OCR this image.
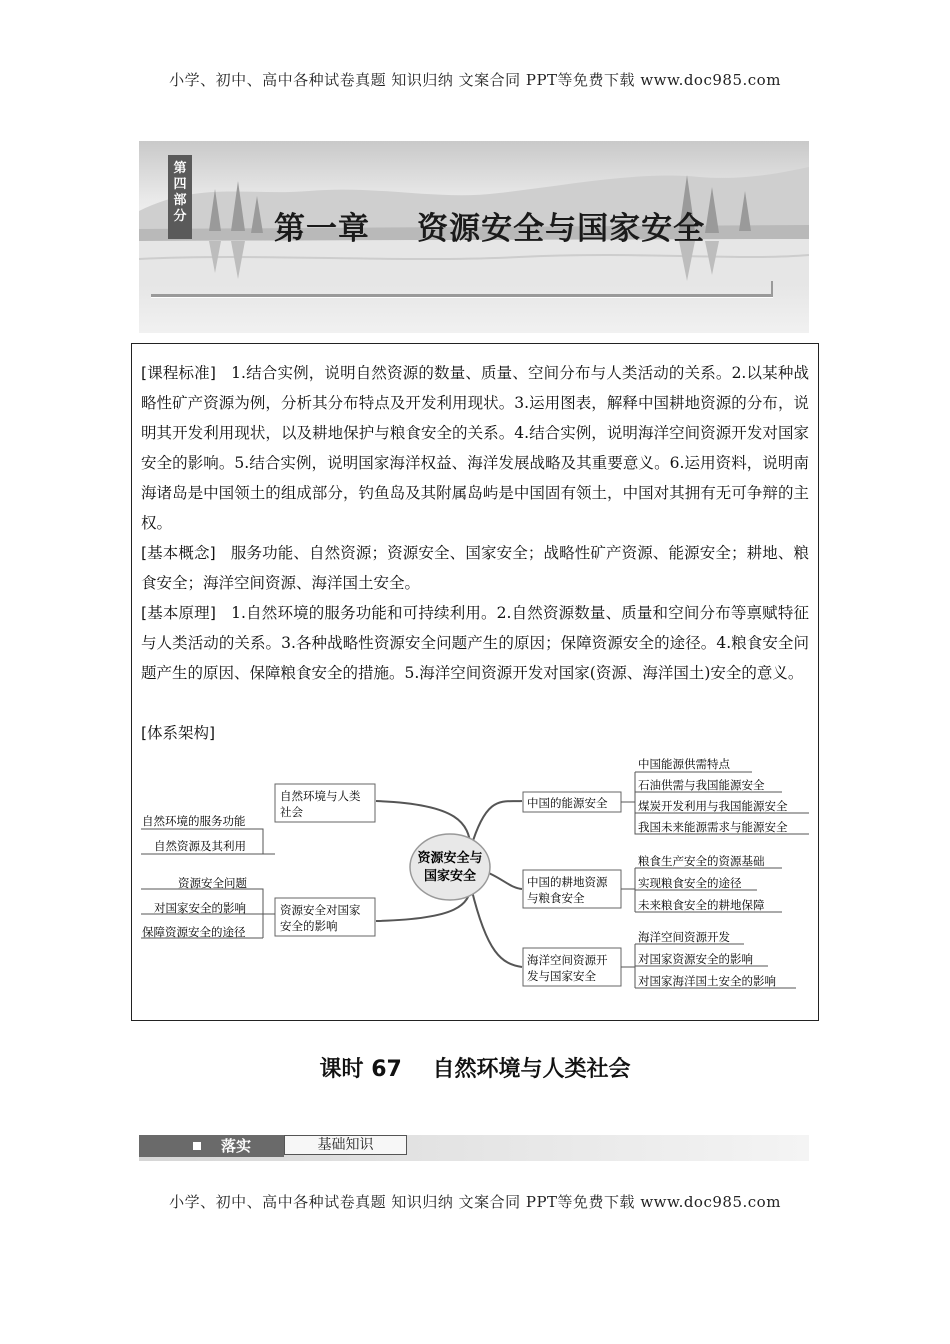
小学、初中、高中各种试卷真题 知识归纳 文案合同 PPT等免费下载 www.doc985.com
第
四
部
分	第一章    资源安全与国家安全
[课程标准] 1.结合实例，说明自然资源的数量、质量、空间分布与人类活动的关系。2.以某种战略性矿产资源为例，分析其分布特点及开发利用现状。3.运用图表，解释中国耕地资源的分布，说明其开发利用现状，以及耕地保护与粮食安全的关系。4.结合实例，说明海洋空间资源开发对国家安全的影响。5.结合实例，说明国家海洋权益、海洋发展战略及其重要意义。6.运用资料，说明南海诸岛是中国领土的组成部分，钓鱼岛及其附属岛屿是中国固有领土，中国对其拥有无可争辩的主权。
[基本概念] 服务功能、自然资源；资源安全、国家安全；战略性矿产资源、能源安全；耕地、粮食安全；海洋空间资源、海洋国土安全。
[基本原理] 1.自然环境的服务功能和可持续利用。2.自然资源数量、质量和空间分布等禀赋特征与人类活动的关系。3.各种战略性资源安全问题产生的原因；保障资源安全的途径。4.粮食安全问题产生的原因、保障粮食安全的措施。5.海洋空间资源开发对国家(资源、海洋国土)安全的意义。
[体系架构]
资源安全与
国家安全
自然环境与人类
社会
自然环境的服务功能
自然资源及其利用
资源安全对国家
安全的影响
资源安全问题
对国家安全的影响
保障资源安全的途径
中国的能源安全
中国能源供需特点
石油供需与我国能源安全
煤炭开发利用与我国能源安全
我国未来能源需求与能源安全
中国的耕地资源
与粮食安全
粮食生产安全的资源基础
实现粮食安全的途径
未来粮食安全的耕地保障
海洋空间资源开
发与国家安全
海洋空间资源开发
对国家资源安全的影响
对国家海洋国土安全的影响
课时 67    自然环境与人类社会
落实	基础知识
小学、初中、高中各种试卷真题 知识归纳 文案合同 PPT等免费下载 www.doc985.com
